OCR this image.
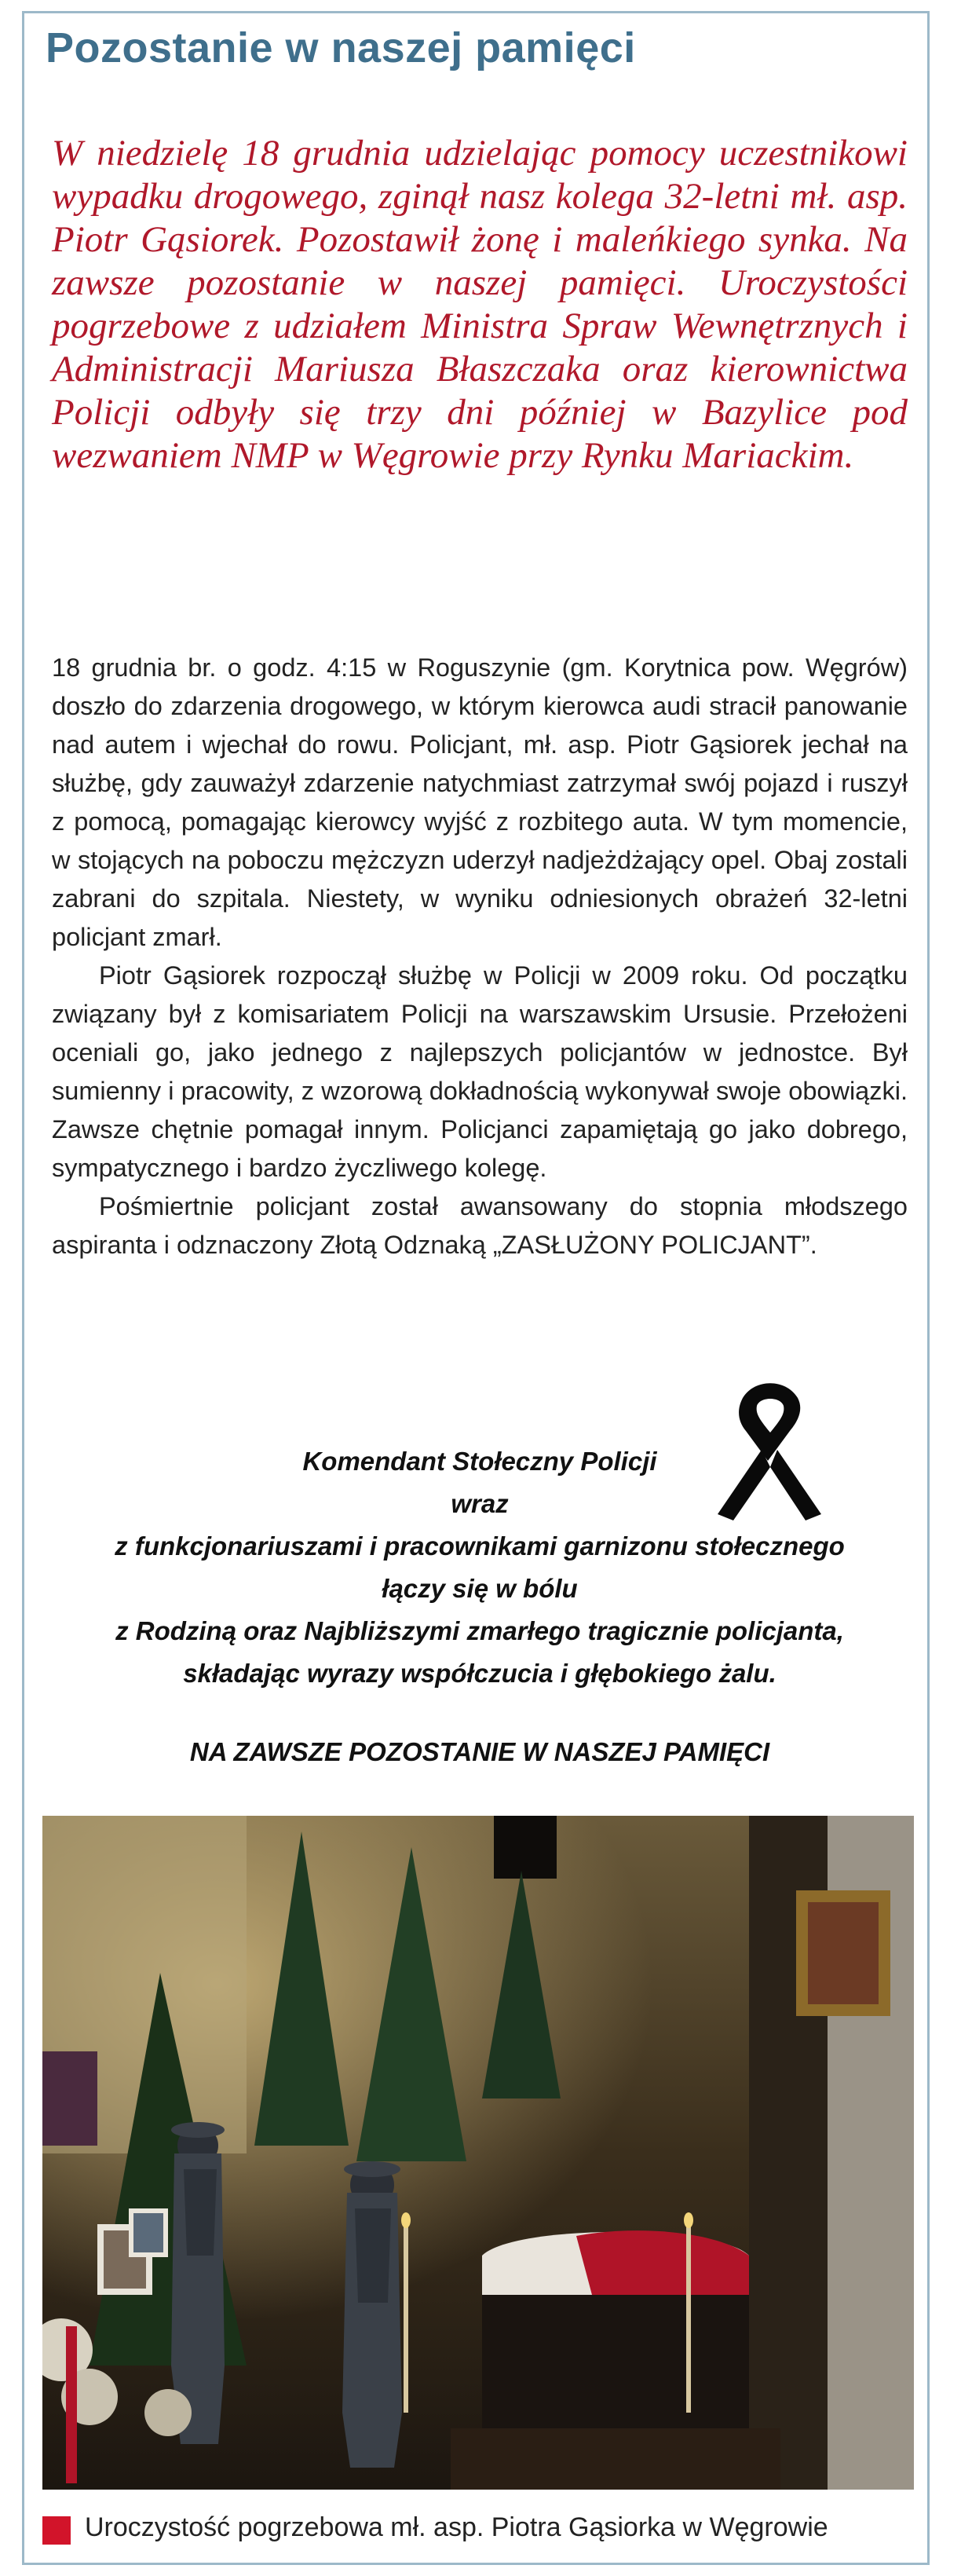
Pozostanie w naszej pamięci

W niedzielę 18 grudnia udzielając pomocy uczestnikowi wypadku drogowego, zginął nasz kolega 32-letni mł. asp. Piotr Gąsiorek. Pozostawił żonę i maleńkiego synka. Na zawsze pozostanie w naszej pamięci. Uroczystości pogrzebowe z udziałem Ministra Spraw Wewnętrznych i Administracji Mariusza Błaszczaka oraz kierownictwa Policji odbyły się trzy dni później w Bazylice pod wezwaniem NMP w Węgrowie przy Rynku Mariackim.

18 grudnia br. o godz. 4:15 w Roguszynie (gm. Korytnica pow. Węgrów) doszło do zdarzenia drogowego, w którym kierowca audi stracił panowanie nad autem i wjechał do rowu. Policjant, mł. asp. Piotr Gąsiorek jechał na służbę, gdy zauważył zdarzenie natychmiast zatrzymał swój pojazd i ruszył z pomocą, pomagając kierowcy wyjść z rozbitego auta. W tym momencie, w stojących na poboczu mężczyzn uderzył nadjeżdżający opel. Obaj zostali zabrani do szpitala. Niestety, w wyniku odniesionych obrażeń 32-letni policjant zmarł.

Piotr Gąsiorek rozpoczął służbę w Policji w 2009 roku. Od początku związany był z komisariatem Policji na warszawskim Ursusie. Przełożeni oceniali go, jako jednego z najlepszych policjantów w jednostce. Był sumienny i pracowity, z wzorową dokładnością wykonywał swoje obowiązki. Zawsze chętnie pomagał innym. Policjanci zapamiętają go jako dobrego, sympatycznego i bardzo życzliwego kolegę.

Pośmiertnie policjant został awansowany do stopnia młodszego aspiranta i odznaczony Złotą Odznaką „ZASŁUŻONY POLICJANT”.

Komendant Stołeczny Policji
wraz
z funkcjonariuszami i pracownikami garnizonu stołecznego
łączy się w bólu
z Rodziną oraz Najbliższymi zmarłego tragicznie policjanta,
składając wyrazy współczucia i głębokiego żalu.
NA ZAWSZE POZOSTANIE W NASZEJ PAMIĘCI
Uroczystość pogrzebowa mł. asp. Piotra Gąsiorka w Węgrowie
